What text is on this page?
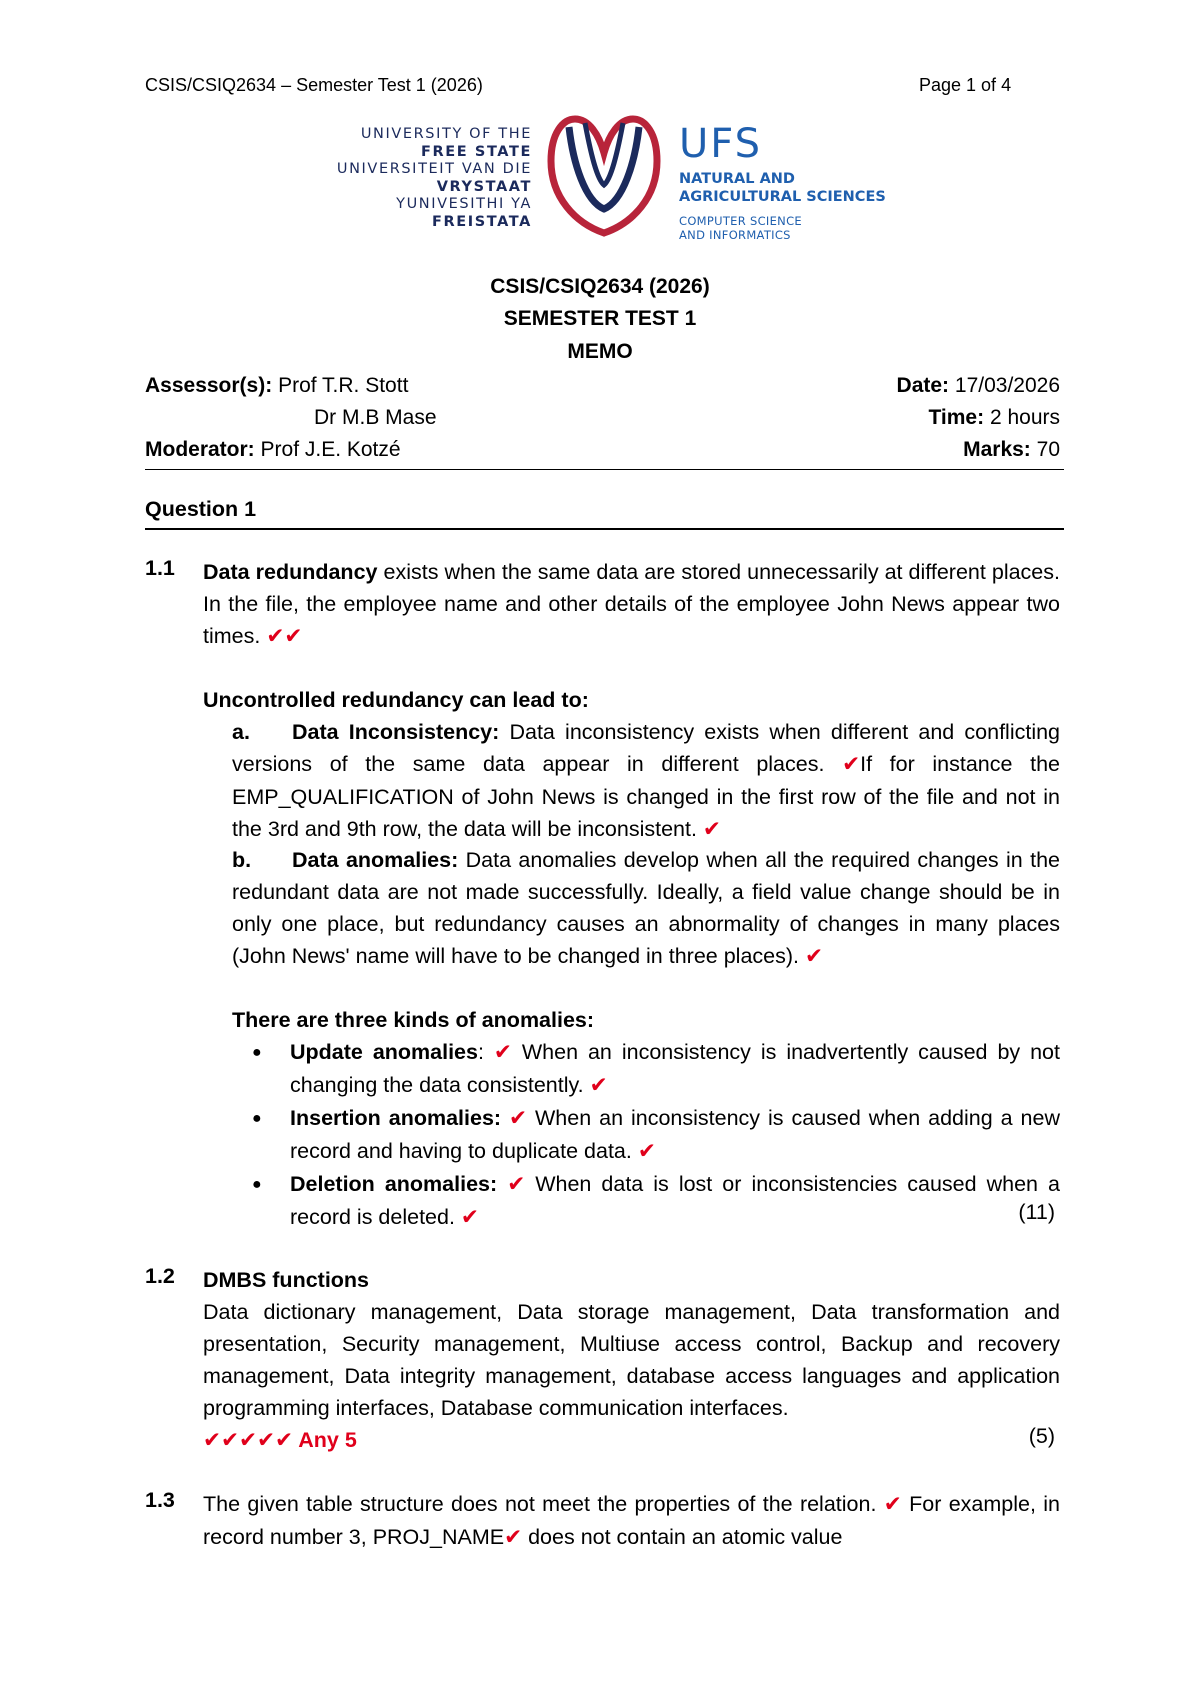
CSIS/CSIQ2634 – Semester Test 1 (2026)	Page 1 of 4
UNIVERSITY OF THE
FREE STATE
UNIVERSITEIT VAN DIE
VRYSTAAT
YUNIVESITHI YA
FREISTATA
UFS
NATURAL AND
AGRICULTURAL SCIENCES
COMPUTER SCIENCE
AND INFORMATICS
CSIS/CSIQ2634 (2026)
SEMESTER TEST 1
MEMO
Assessor(s): Prof T.R. Stott
Dr M.B Mase
Moderator: Prof J.E. Kotzé
Date: 17/03/2026
Time: 2 hours
Marks: 70
Question 1
1.1 Data redundancy exists when the same data are stored unnecessarily at different places. In the file, the employee name and other details of the employee John News appear two times. ✔✔
Uncontrolled redundancy can lead to:
a.	Data Inconsistency: Data inconsistency exists when different and conflicting versions of the same data appear in different places. ✔If for instance the EMP_QUALIFICATION of John News is changed in the first row of the file and not in the 3rd and 9th row, the data will be inconsistent. ✔
b.	Data anomalies: Data anomalies develop when all the required changes in the redundant data are not made successfully. Ideally, a field value change should be in only one place, but redundancy causes an abnormality of changes in many places (John News' name will have to be changed in three places). ✔
There are three kinds of anomalies:
● Update anomalies: ✔ When an inconsistency is inadvertently caused by not changing the data consistently. ✔
● Insertion anomalies: ✔ When an inconsistency is caused when adding a new record and having to duplicate data. ✔
● Deletion anomalies: ✔ When data is lost or inconsistencies caused when a record is deleted. ✔	(11)
1.2 DMBS functions
Data dictionary management, Data storage management, Data transformation and presentation, Security management, Multiuse access control, Backup and recovery management, Data integrity management, database access languages and application programming interfaces, Database communication interfaces.
✔✔✔✔✔ Any 5	(5)
1.3 The given table structure does not meet the properties of the relation. ✔ For example, in record number 3, PROJ_NAME✔ does not contain an atomic value
